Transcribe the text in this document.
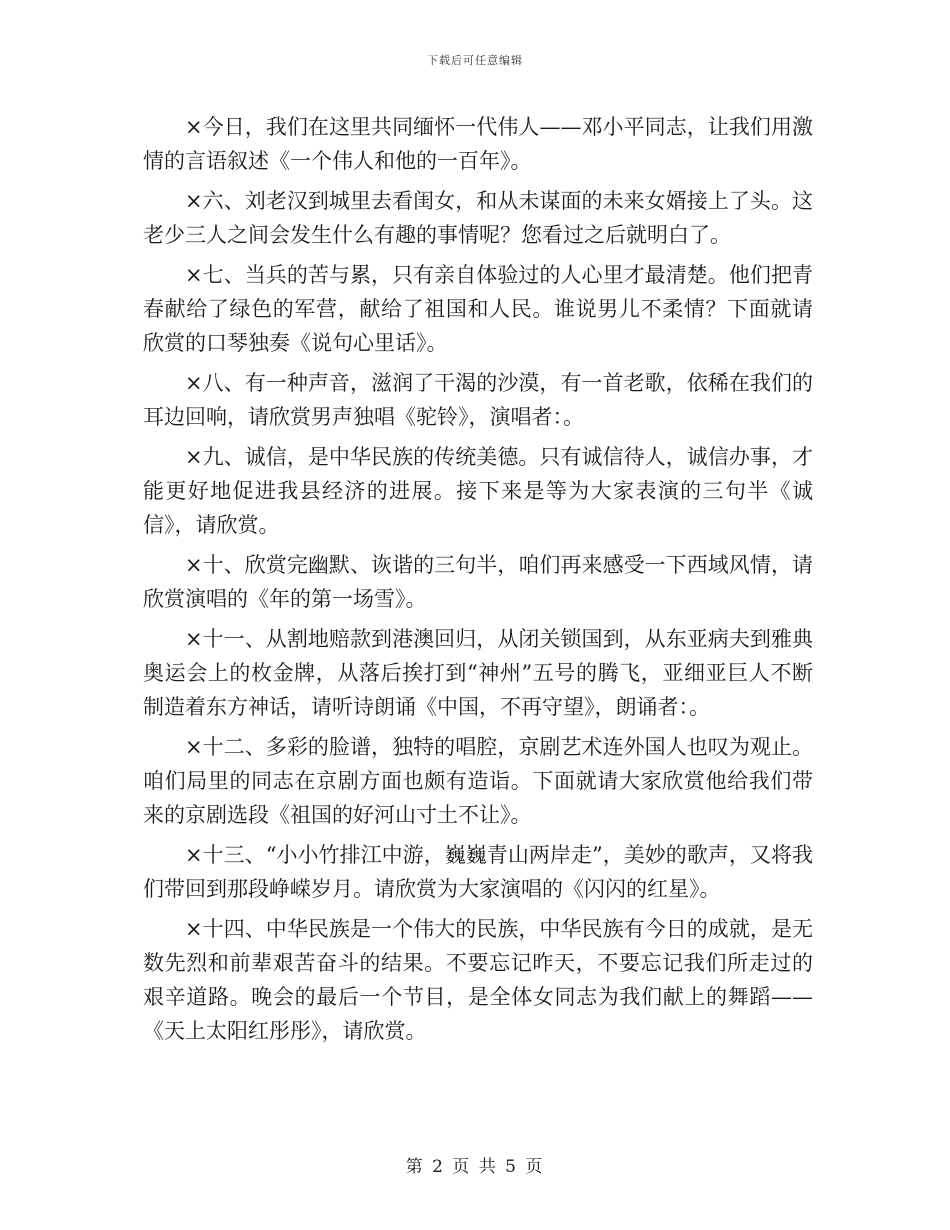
下载后可任意编辑

×今日，我们在这里共同缅怀一代伟人——邓小平同志，让我们用激情的言语叙述《一个伟人和他的一百年》。

×六、刘老汉到城里去看闺女，和从未谋面的未来女婿接上了头。这老少三人之间会发生什么有趣的事情呢？您看过之后就明白了。

×七、当兵的苦与累，只有亲自体验过的人心里才最清楚。他们把青春献给了绿色的军营，献给了祖国和人民。谁说男儿不柔情？下面就请欣赏的口琴独奏《说句心里话》。

×八、有一种声音，滋润了干渴的沙漠，有一首老歌，依稀在我们的耳边回响，请欣赏男声独唱《驼铃》，演唱者：。

×九、诚信，是中华民族的传统美德。只有诚信待人，诚信办事，才能更好地促进我县经济的进展。接下来是等为大家表演的三句半《诚信》，请欣赏。

×十、欣赏完幽默、诙谐的三句半，咱们再来感受一下西域风情，请欣赏演唱的《年的第一场雪》。

×十一、从割地赔款到港澳回归，从闭关锁国到，从东亚病夫到雅典奥运会上的枚金牌，从落后挨打到“神州”五号的腾飞，亚细亚巨人不断制造着东方神话，请听诗朗诵《中国，不再守望》，朗诵者：。

×十二、多彩的脸谱，独特的唱腔，京剧艺术连外国人也叹为观止。咱们局里的同志在京剧方面也颇有造诣。下面就请大家欣赏他给我们带来的京剧选段《祖国的好河山寸土不让》。

×十三、“小小竹排江中游，巍巍青山两岸走”，美妙的歌声，又将我们带回到那段峥嵘岁月。请欣赏为大家演唱的《闪闪的红星》。

×十四、中华民族是一个伟大的民族，中华民族有今日的成就，是无数先烈和前辈艰苦奋斗的结果。不要忘记昨天，不要忘记我们所走过的艰辛道路。晚会的最后一个节目，是全体女同志为我们献上的舞蹈——《天上太阳红彤彤》，请欣赏。

第 2 页 共 5 页
